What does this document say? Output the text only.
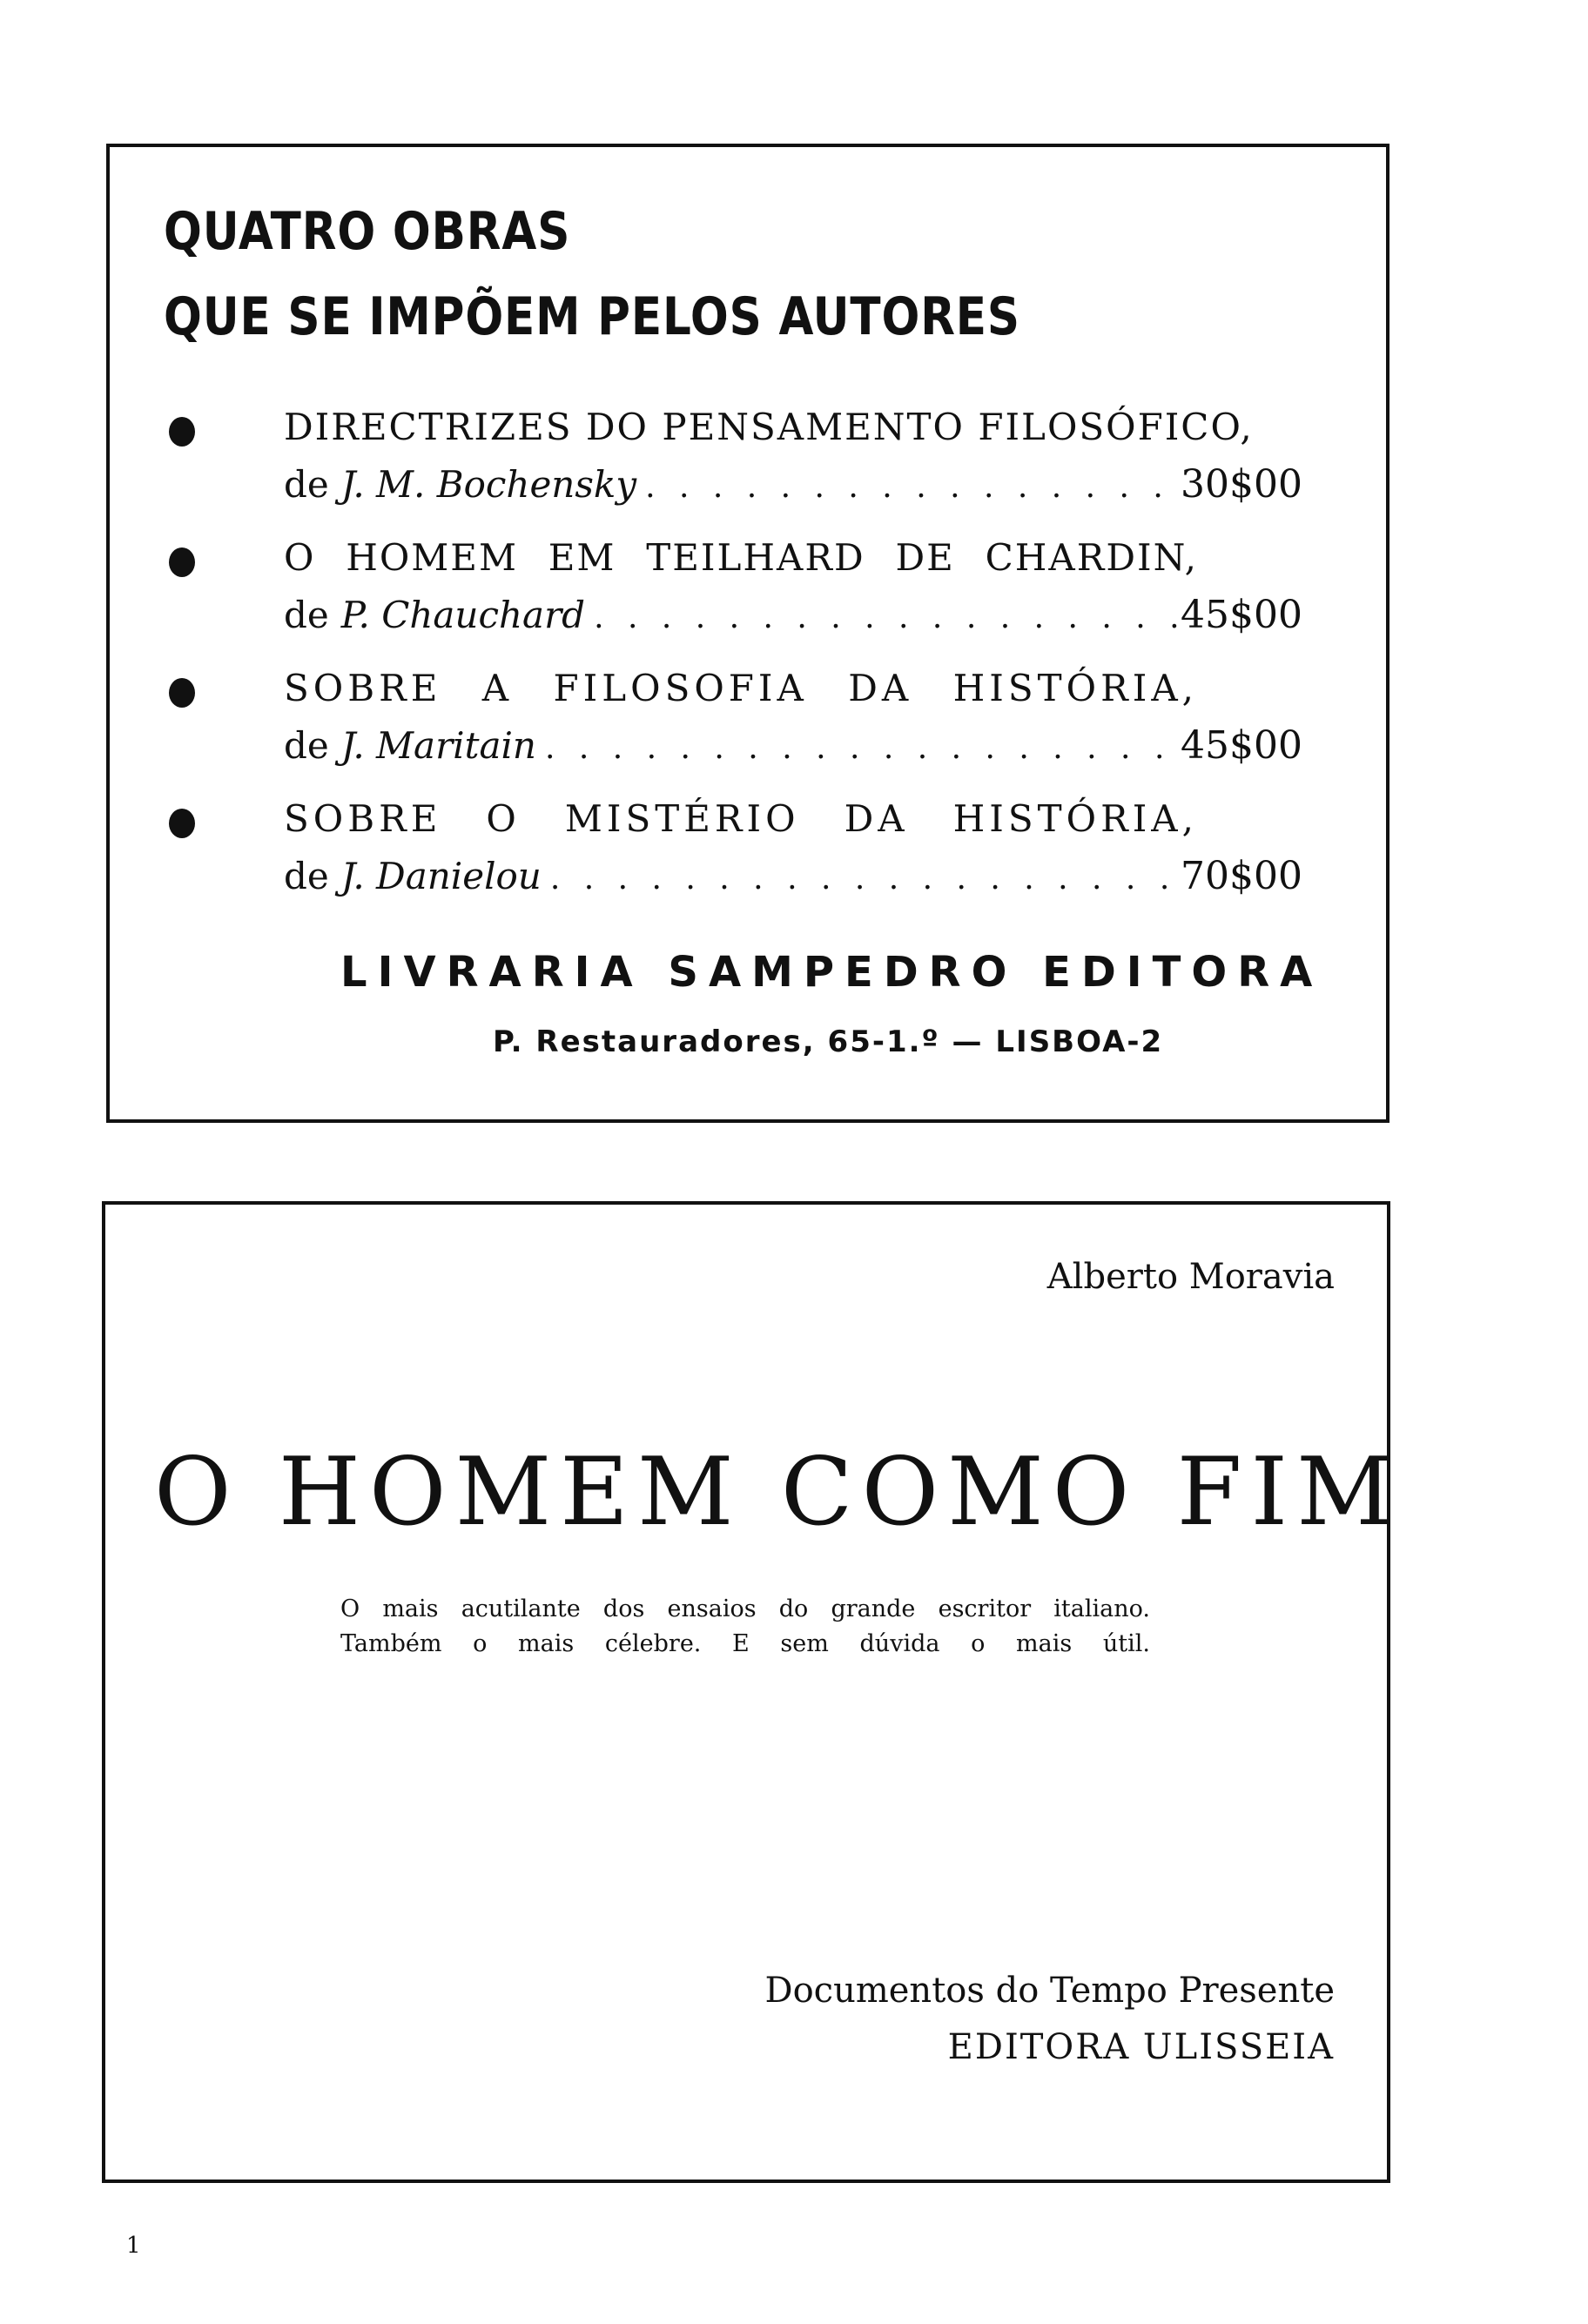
QUATRO OBRAS
QUE SE IMPÕEM PELOS AUTORES
DIRECTRIZES DO PENSAMENTO FILOSÓFICO,
de J. M. Bochensky . . .	30$00
O HOMEM EM TEILHARD DE CHARDIN,
de P. Chauchard . . .	45$00
SOBRE A FILOSOFIA DA HISTÓRIA,
de J. Maritain . . .	45$00
SOBRE O MISTÉRIO DA HISTÓRIA,
de J. Danielou . . .	70$00
LIVRARIA SAMPEDRO EDITORA
P. Restauradores, 65-1.º — LISBOA-2
Alberto Moravia
O HOMEM COMO FIM
O mais acutilante dos ensaios do grande escritor italiano.
Também o mais célebre. E sem dúvida o mais útil.
Documentos do Tempo Presente
EDITORA ULISSEIA
1
